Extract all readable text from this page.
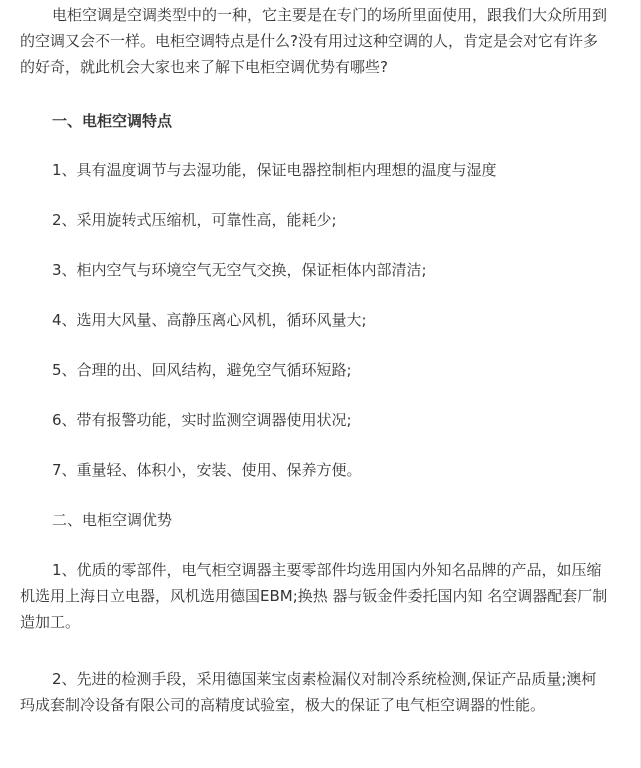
电柜空调是空调类型中的一种，它主要是在专门的场所里面使用，跟我们大众所用到的空调又会不一样。电柜空调特点是什么?没有用过这种空调的人，肯定是会对它有许多的好奇，就此机会大家也来了解下电柜空调优势有哪些?

一、电柜空调特点

1、具有温度调节与去湿功能，保证电器控制柜内理想的温度与湿度

2、采用旋转式压缩机，可靠性高，能耗少;

3、柜内空气与环境空气无空气交换，保证柜体内部清洁;

4、选用大风量、高静压离心风机，循环风量大;

5、合理的出、回风结构，避免空气循环短路;

6、带有报警功能，实时监测空调器使用状况;

7、重量轻、体积小，安装、使用、保养方便。

二、电柜空调优势

1、优质的零部件，电气柜空调器主要零部件均选用国内外知名品牌的产品，如压缩机选用上海日立电器，风机选用德国EBM;换热 器与钣金件委托国内知 名空调器配套厂制造加工。

2、先进的检测手段，采用德国莱宝卤素检漏仪对制冷系统检测,保证产品质量;澳柯玛成套制冷设备有限公司的高精度试验室，极大的保证了电气柜空调器的性能。
